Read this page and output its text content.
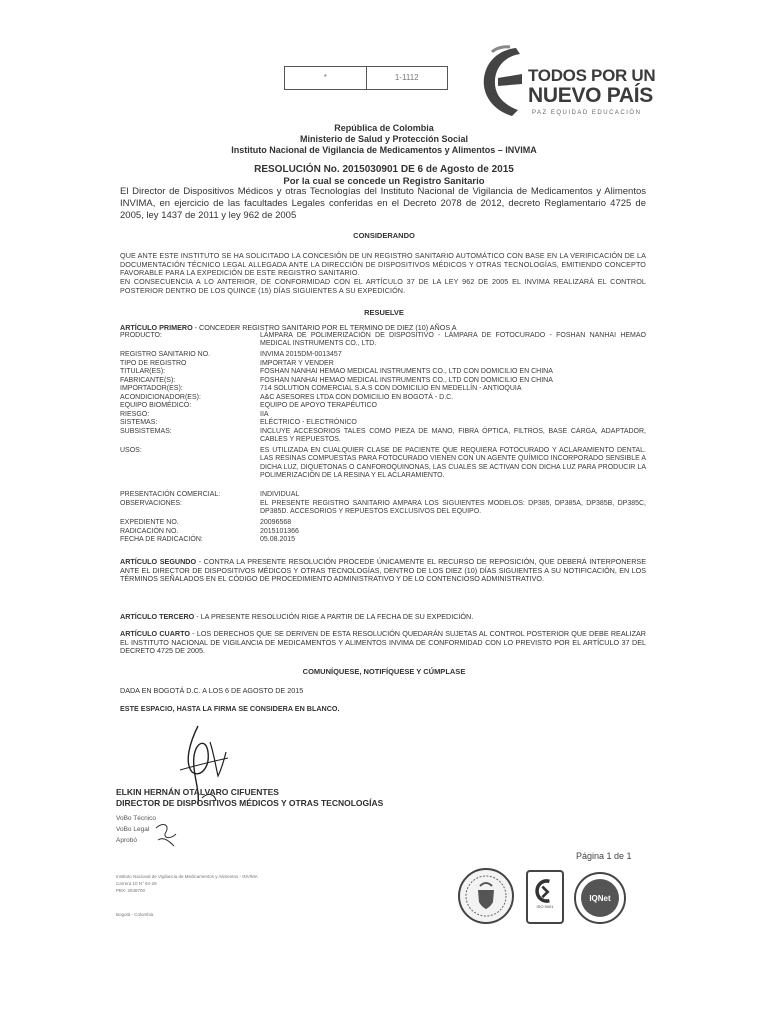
*	1-1112	TODOS POR UN
NUEVO PAÍS
PAZ EQUIDAD EDUCACIÓN
República de Colombia
Ministerio de Salud y Protección Social
Instituto Nacional de Vigilancia de Medicamentos y Alimentos – INVIMA
RESOLUCIÓN No. 2015030901 DE 6 de Agosto de 2015
Por la cual se concede un Registro Sanitario
El Director de Dispositivos Médicos y otras Tecnologías del Instituto Nacional de Vigilancia de Medicamentos y Alimentos INVIMA, en ejercicio de las facultades Legales conferidas en el Decreto 2078 de 2012, decreto Reglamentario 4725 de 2005, ley 1437 de 2011 y ley 962 de 2005
CONSIDERANDO
QUE ANTE ESTE INSTITUTO SE HA SOLICITADO LA CONCESIÓN DE UN REGISTRO SANITARIO AUTOMÁTICO CON BASE EN LA VERIFICACIÓN DE LA DOCUMENTACIÓN TÉCNICO LEGAL ALLEGADA ANTE LA DIRECCIÓN DE DISPOSITIVOS MÉDICOS Y OTRAS TECNOLOGÍAS, EMITIENDO CONCEPTO FAVORABLE PARA LA EXPEDICIÓN DE ESTE REGISTRO SANITARIO.
EN CONSECUENCIA A LO ANTERIOR, DE CONFORMIDAD CON EL ARTÍCULO 37 DE LA LEY 962 DE 2005 EL INVIMA REALIZARÁ EL CONTROL POSTERIOR DENTRO DE LOS QUINCE (15) DÍAS SIGUIENTES A SU EXPEDICIÓN.
RESUELVE
ARTÍCULO PRIMERO - CONCEDER REGISTRO SANITARIO POR EL TERMINO DE DIEZ (10) AÑOS A
PRODUCTO:	LÁMPARA DE POLIMERIZACIÓN DE DISPOSITIVO - LÁMPARA DE FOTOCURADO - FOSHAN NANHAI HEMAO MEDICAL INSTRUMENTS CO., LTD.
REGISTRO SANITARIO NO.	INVIMA 2015DM-0013457
TIPO DE REGISTRO	IMPORTAR Y VENDER
TITULAR(ES):	FOSHAN NANHAI HEMAO MEDICAL INSTRUMENTS CO., LTD CON DOMICILIO EN CHINA
FABRICANTE(S):	FOSHAN NANHAI HEMAO MEDICAL INSTRUMENTS CO., LTD CON DOMICILIO EN CHINA
IMPORTADOR(ES):	714 SOLUTION COMERCIAL S.A.S CON DOMICILIO EN MEDELLÍN - ANTIOQUIA
ACONDICIONADOR(ES):	A&C ASESORES LTDA CON DOMICILIO EN BOGOTÁ - D.C.
EQUIPO BIOMÉDICO:	EQUIPO DE APOYO TERAPÉUTICO
RIESGO:	IIA
SISTEMAS:	ELÉCTRICO - ELECTRÓNICO
SUBSISTEMAS:	INCLUYE ACCESORIOS TALES COMO PIEZA DE MANO, FIBRA ÓPTICA, FILTROS, BASE CARGA, ADAPTADOR, CABLES Y REPUESTOS.
USOS:	ES UTILIZADA EN CUALQUIER CLASE DE PACIENTE QUE REQUIERA FOTOCURADO Y ACLARAMIENTO DENTAL. LAS RESINAS COMPUESTAS PARA FOTOCURADO VIENEN CON UN AGENTE QUÍMICO INCORPORADO SENSIBLE A DICHA LUZ, DIQUETONAS O CANFOROQUINONAS, LAS CUALES SE ACTIVAN CON DICHA LUZ PARA PRODUCIR LA POLIMERIZACIÓN DE LA RESINA Y EL ACLARAMIENTO.
PRESENTACIÓN COMERCIAL:	INDIVIDUAL
OBSERVACIONES:	EL PRESENTE REGISTRO SANITARIO AMPARA LOS SIGUIENTES MODELOS: DP385, DP385A, DP385B, DP385C, DP385D. ACCESORIOS Y REPUESTOS EXCLUSIVOS DEL EQUIPO.
EXPEDIENTE NO.	20096568
RADICACIÓN NO.	2015101366
FECHA DE RADICACIÓN:	05.08.2015
ARTÍCULO SEGUNDO - CONTRA LA PRESENTE RESOLUCIÓN PROCEDE ÚNICAMENTE EL RECURSO DE REPOSICIÓN, QUE DEBERÁ INTERPONERSE ANTE EL DIRECTOR DE DISPOSITIVOS MÉDICOS Y OTRAS TECNOLOGÍAS, DENTRO DE LOS DIEZ (10) DÍAS SIGUIENTES A SU NOTIFICACIÓN, EN LOS TÉRMINOS SEÑALADOS EN EL CÓDIGO DE PROCEDIMIENTO ADMINISTRATIVO Y DE LO CONTENCIOSO ADMINISTRATIVO.
ARTÍCULO TERCERO - LA PRESENTE RESOLUCIÓN RIGE A PARTIR DE LA FECHA DE SU EXPEDICIÓN.
ARTÍCULO CUARTO - LOS DERECHOS QUE SE DERIVEN DE ESTA RESOLUCIÓN QUEDARÁN SUJETAS AL CONTROL POSTERIOR QUE DEBE REALIZAR EL INSTITUTO NACIONAL DE VIGILANCIA DE MEDICAMENTOS Y ALIMENTOS INVIMA DE CONFORMIDAD CON LO PREVISTO POR EL ARTÍCULO 37 DEL DECRETO 4725 DE 2005.
COMUNÍQUESE, NOTIFÍQUESE Y CÚMPLASE
DADA EN BOGOTÁ D.C. A LOS 6 DE AGOSTO DE 2015
ESTE ESPACIO, HASTA LA FIRMA SE CONSIDERA EN BLANCO.
ELKIN HERNÁN OTALVARO CIFUENTES
DIRECTOR DE DISPOSITIVOS MÉDICOS Y OTRAS TECNOLOGÍAS
VoBo Técnico
VoBo Legal
Aprobó
Página 1 de 1
Instituto Nacional de Vigilancia de Medicamentos y Alimentos - INVIMA
Carrera 10 N° 64-28
PBX: 2948700
Bogotá - Colombia
ISO 9001
IQNet
